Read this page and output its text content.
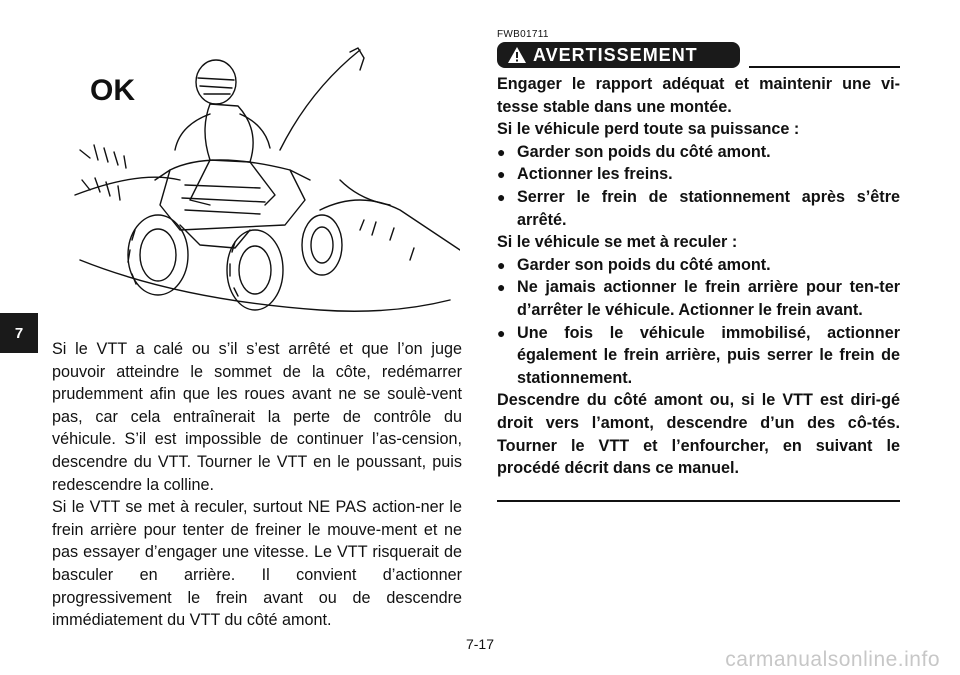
7
OK

Si le VTT a calé ou s’il s’est arrêté et que l’on juge pouvoir atteindre le sommet de la côte, redémarrer prudemment afin que les roues avant ne se soulè-vent pas, car cela entraînerait la perte de contrôle du véhicule. S’il est impossible de continuer l’as-cension, descendre du VTT. Tourner le VTT en le poussant, puis redescendre la colline.

Si le VTT se met à reculer, surtout NE PAS action-ner le frein arrière pour tenter de freiner le mouve-ment et ne pas essayer d’engager une vitesse. Le VTT risquerait de basculer en arrière. Il convient d’actionner progressivement le frein avant ou de descendre immédiatement du VTT du côté amont.

FWB01711
AVERTISSEMENT

Engager le rapport adéquat et maintenir une vi-tesse stable dans une montée.

Si le véhicule perd toute sa puissance :

● Garder son poids du côté amont.
● Actionner les freins.
● Serrer le frein de stationnement après s’être arrêté.

Si le véhicule se met à reculer :

● Garder son poids du côté amont.
● Ne jamais actionner le frein arrière pour ten-ter d’arrêter le véhicule. Actionner le frein avant.
● Une fois le véhicule immobilisé, actionner également le frein arrière, puis serrer le frein de stationnement.

Descendre du côté amont ou, si le VTT est diri-gé droit vers l’amont, descendre d’un des cô-tés. Tourner le VTT et l’enfourcher, en suivant le procédé décrit dans ce manuel.

7-17
carmanualsonline.info
